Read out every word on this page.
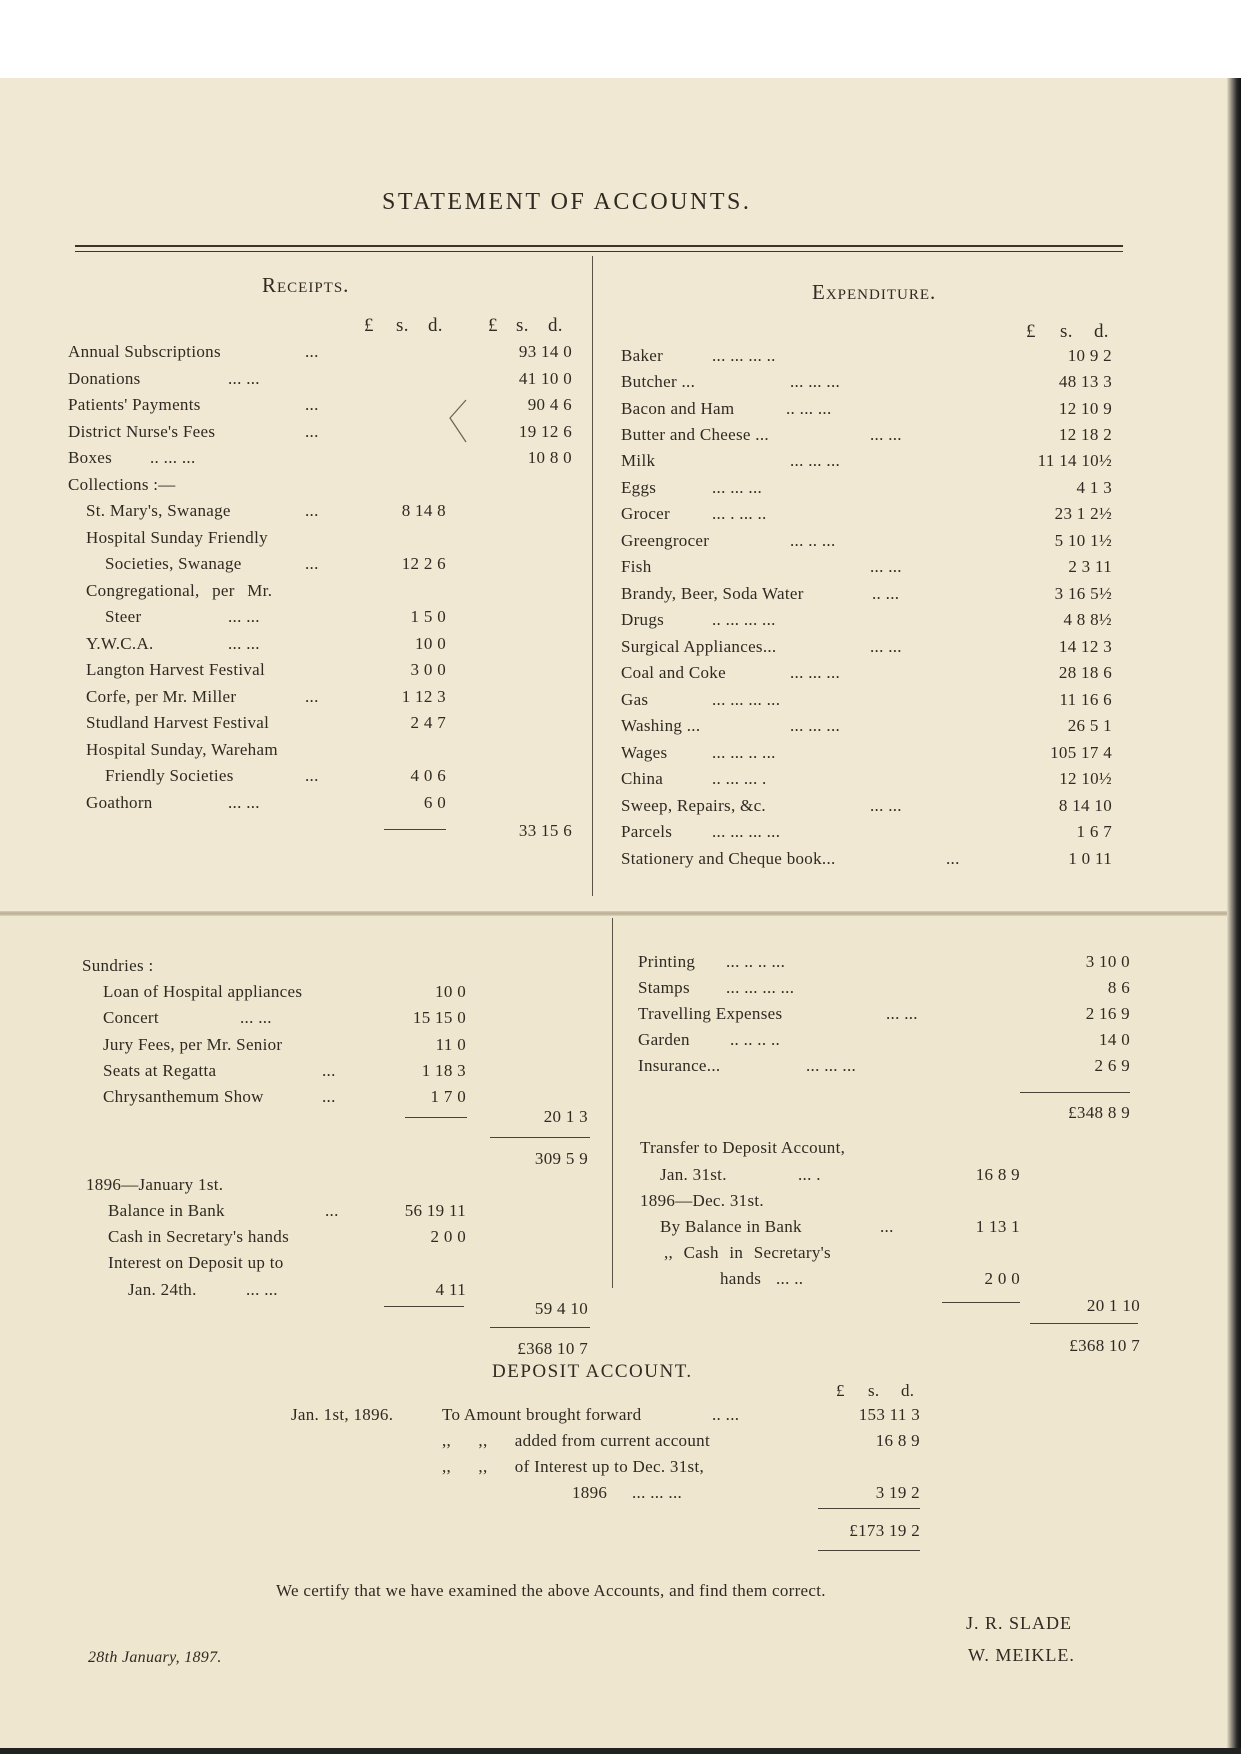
STATEMENT OF ACCOUNTS.
Receipts.
£ s. d. £ s. d.
Annual Subscriptions	...	93 14 0
Donations	... ...	41 10 0
Patients' Payments	...	90 4 6
District Nurse's Fees	...	19 12 6
Boxes .. ... ...	10 8 0
Collections :—
St. Mary's, Swanage	...	8 14 8
Hospital Sunday Friendly
Societies, Swanage	...	12 2 6
Congregational, per Mr.
Steer	... ...	1 5 0
Y.W.C.A.	... ...	10 0
Langton Harvest Festival	3 0 0
Corfe, per Mr. Miller	...	1 12 3
Studland Harvest Festival	2 4 7
Hospital Sunday, Wareham
Friendly Societies	...	4 0 6
Goathorn	... ...	6 0
33 15 6
Expenditure.
£ s. d.
Baker	... ... ... ..	10 9 2
Butcher ...	... ... ...	48 13 3
Bacon and Ham	.. ... ...	12 10 9
Butter and Cheese ...	... ...	12 18 2
Milk	... ... ...	11 14 10½
Eggs	... ... ...	4 1 3
Grocer ... . ... ..	23 1 2½
Greengrocer	... .. ...	5 10 1½
Fish	... ...	2 3 11
Brandy, Beer, Soda Water	.. ...	3 16 5½
Drugs	.. ... ... ...	4 8 8½
Surgical Appliances...	... ...	14 12 3
Coal and Coke	... ... ...	28 18 6
Gas	... ... ... ...	11 16 6
Washing ...	... ... ...	26 5 1
Wages	... ... .. ...	105 17 4
China	.. ... ... .	12 10½
Sweep, Repairs, &c.	... ...	8 14 10
Parcels ... ... ... ...	1 6 7
Stationery and Cheque book...	...	1 0 11
Sundries :
Loan of Hospital appliances	10 0
Concert	... ...	15 15 0
Jury Fees, per Mr. Senior	11 0
Seats at Regatta	...	1 18 3
Chrysanthemum Show	...	1 7 0
20 1 3
309 5 9
1896—January 1st.
Balance in Bank	...	56 19 11
Cash in Secretary's hands	2 0 0
Interest on Deposit up to
Jan. 24th.	... ...	4 11
59 4 10
£368 10 7
Printing ... .. .. ...	3 10 0
Stamps ... ... ... ...	8 6
Travelling Expenses	... ...	2 16 9
Garden .. .. .. ..	14 0
Insurance...	... ... ...	2 6 9
£348 8 9
Transfer to Deposit Account,
Jan. 31st.	... .	16 8 9
1896—Dec. 31st.
By Balance in Bank	...	1 13 1
,, Cash in Secretary's
hands ... ..	2 0 0
20 1 10
£368 10 7
DEPOSIT ACCOUNT.
£ s. d.
Jan. 1st, 1896.	To Amount brought forward	.. ...	153 11 3
,,      ,,      added from current account	16 8 9
,,      ,,      of Interest up to Dec. 31st,
1896 ... ... ...	3 19 2
£173 19 2
We certify that we have examined the above Accounts, and find them correct.
J. R. SLADE
W. MEIKLE.
28th January, 1897.
